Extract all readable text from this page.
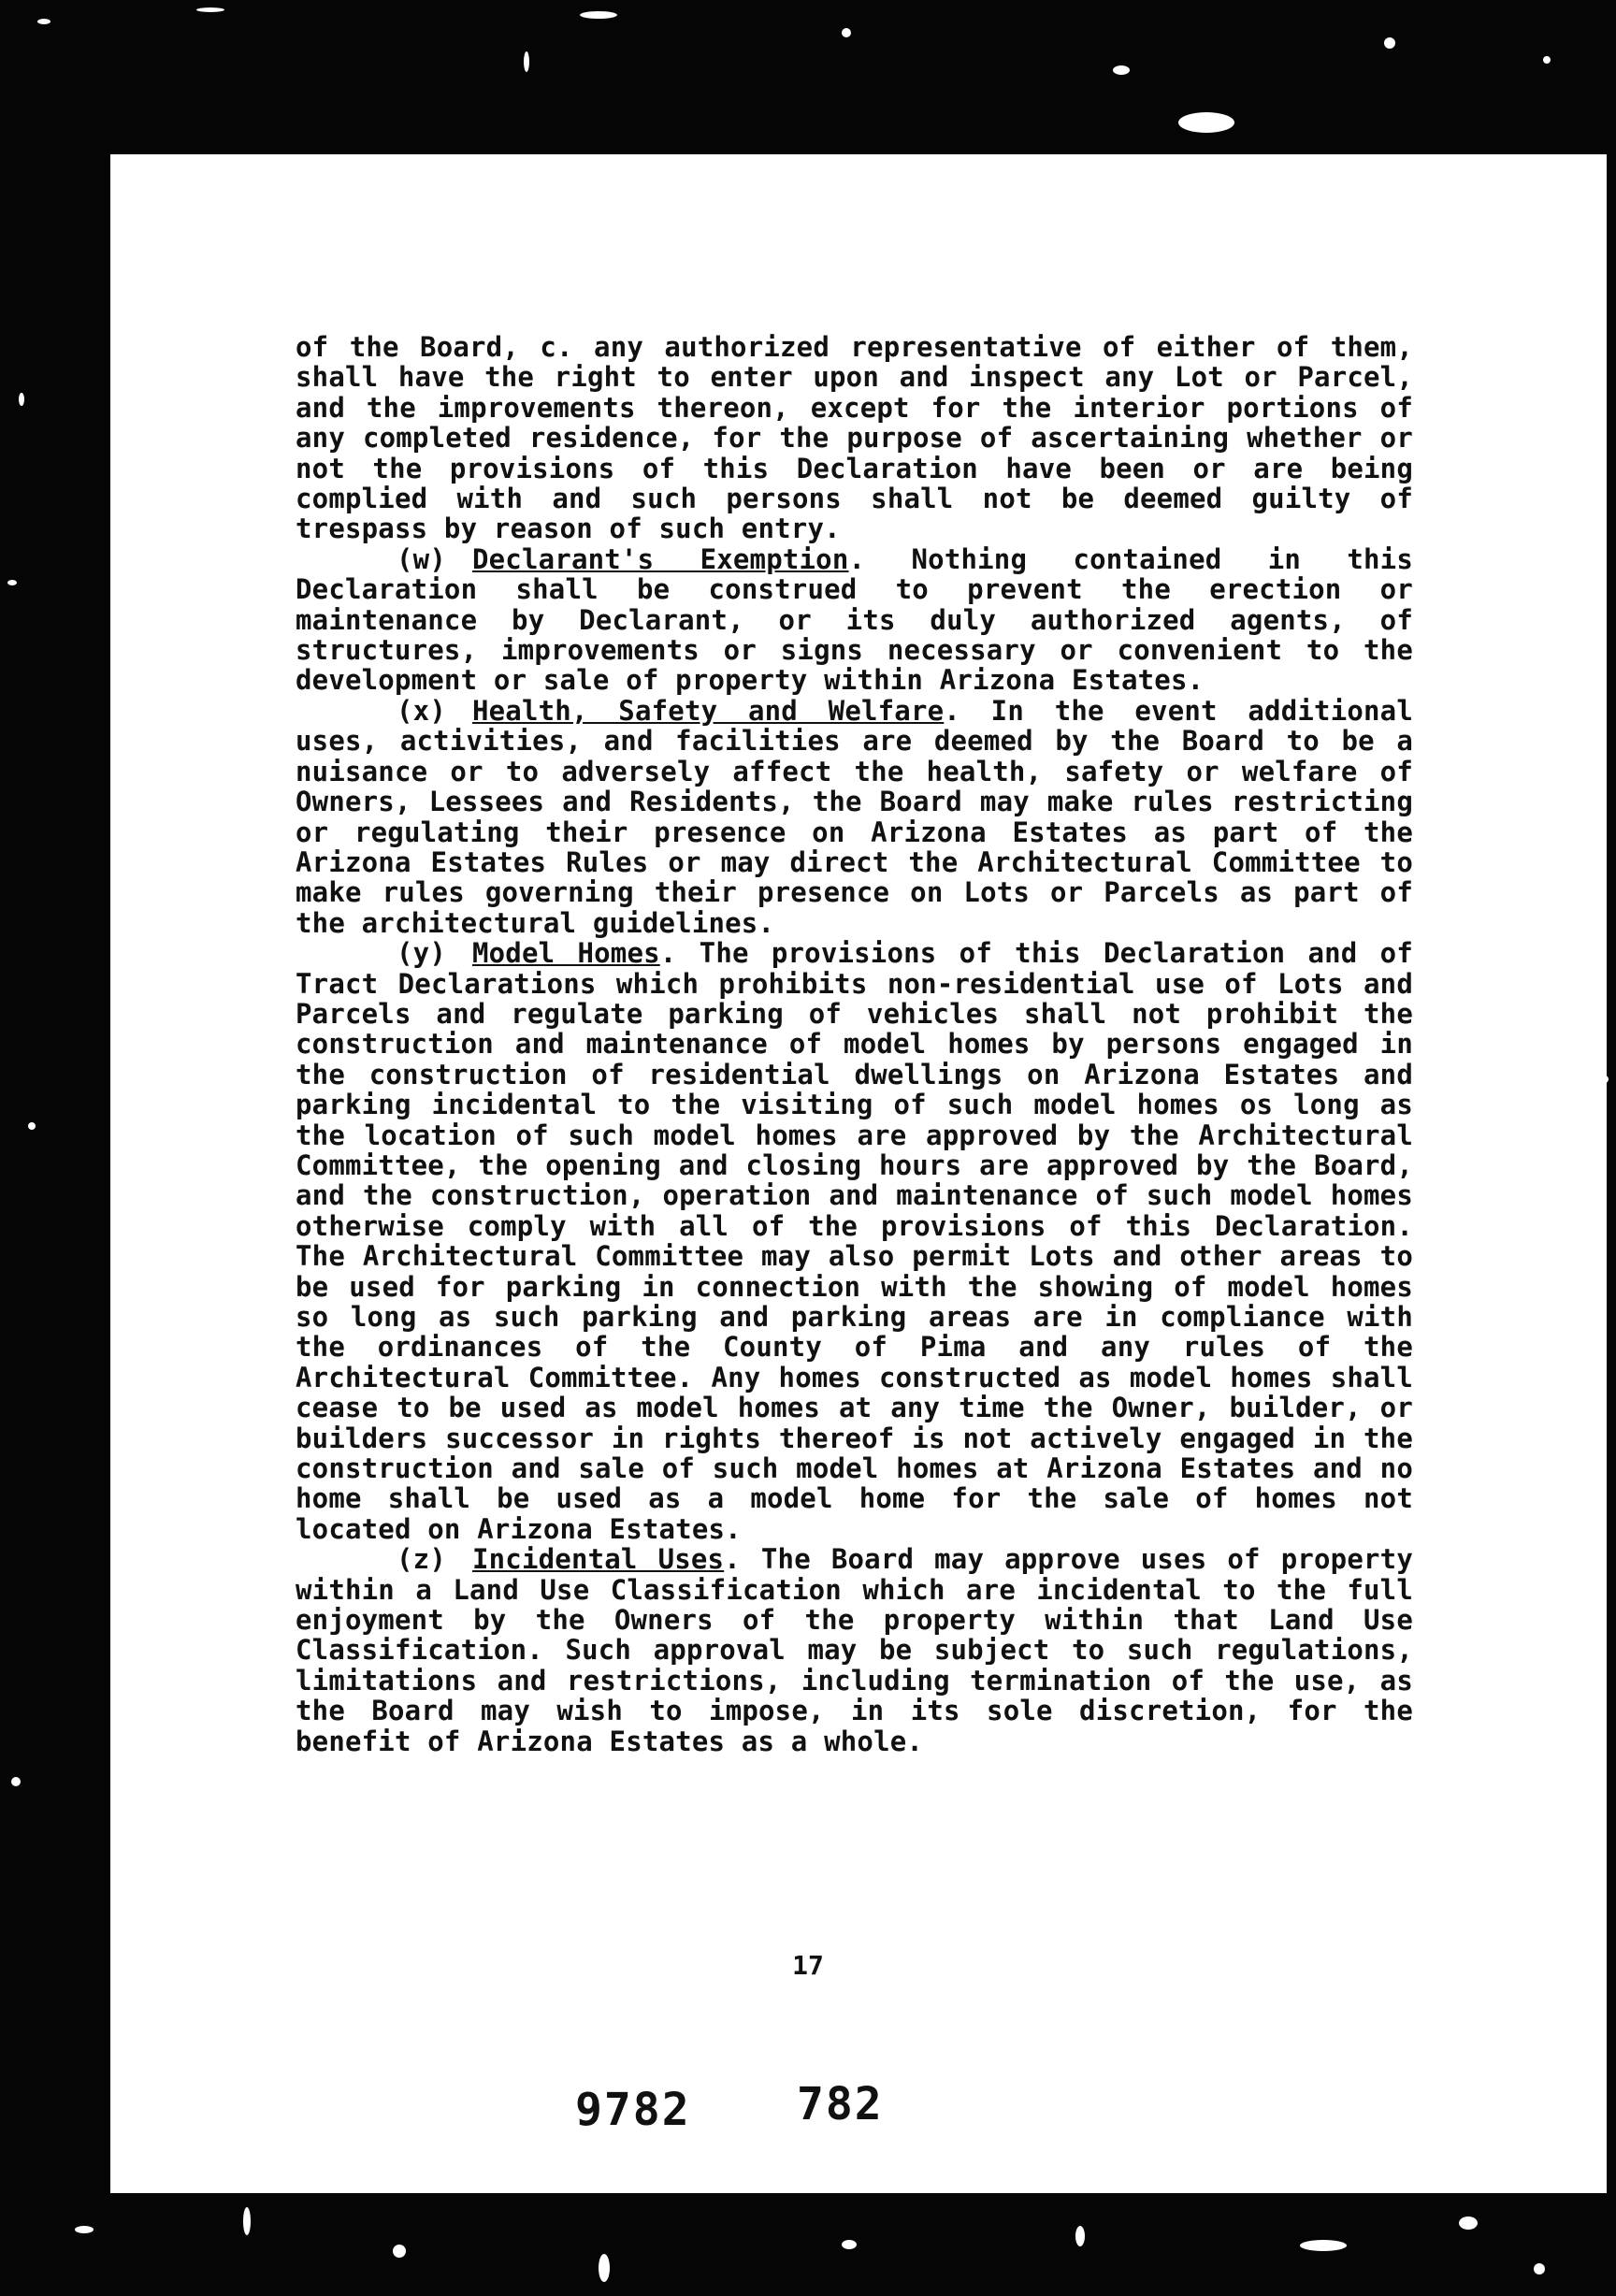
of the Board, c. any authorized representative of either of them, shall have the right to enter upon and inspect any Lot or Parcel, and the improvements thereon, except for the interior portions of any completed residence, for the purpose of ascertaining whether or not the provisions of this Declaration have been or are being complied with and such persons shall not be deemed guilty of trespass by reason of such entry.

(w) Declarant's Exemption. Nothing contained in this Declaration shall be construed to prevent the erection or maintenance by Declarant, or its duly authorized agents, of structures, improvements or signs necessary or convenient to the development or sale of property within Arizona Estates.

(x) Health, Safety and Welfare. In the event additional uses, activities, and facilities are deemed by the Board to be a nuisance or to adversely affect the health, safety or welfare of Owners, Lessees and Residents, the Board may make rules restricting or regulating their presence on Arizona Estates as part of the Arizona Estates Rules or may direct the Architectural Committee to make rules governing their presence on Lots or Parcels as part of the architectural guidelines.

(y) Model Homes. The provisions of this Declaration and of Tract Declarations which prohibits non-residential use of Lots and Parcels and regulate parking of vehicles shall not prohibit the construction and maintenance of model homes by persons engaged in the construction of residential dwellings on Arizona Estates and parking incidental to the visiting of such model homes os long as the location of such model homes are approved by the Architectural Committee, the opening and closing hours are approved by the Board, and the construction, operation and maintenance of such model homes otherwise comply with all of the provisions of this Declaration. The Architectural Committee may also permit Lots and other areas to be used for parking in connection with the showing of model homes so long as such parking and parking areas are in compliance with the ordinances of the County of Pima and any rules of the Architectural Committee. Any homes constructed as model homes shall cease to be used as model homes at any time the Owner, builder, or builders successor in rights thereof is not actively engaged in the construction and sale of such model homes at Arizona Estates and no home shall be used as a model home for the sale of homes not located on Arizona Estates.

(z) Incidental Uses. The Board may approve uses of property within a Land Use Classification which are incidental to the full enjoyment by the Owners of the property within that Land Use Classification. Such approval may be subject to such regulations, limitations and restrictions, including termination of the use, as the Board may wish to impose, in its sole discretion, for the benefit of Arizona Estates as a whole.

17
9782 782
